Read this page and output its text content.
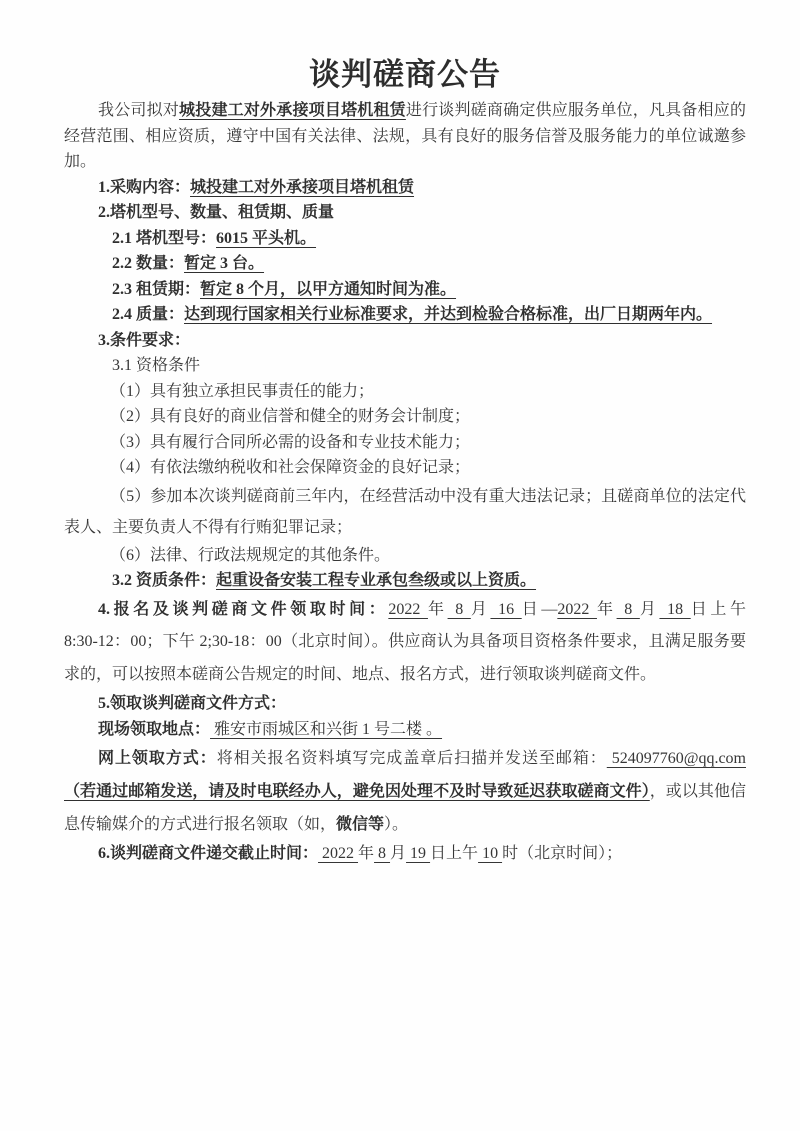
谈判磋商公告

我公司拟对城投建工对外承接项目塔机租赁进行谈判磋商确定供应服务单位，凡具备相应的经营范围、相应资质，遵守中国有关法律、法规，具有良好的服务信誉及服务能力的单位诚邀参加。

1.采购内容：城投建工对外承接项目塔机租赁

2.塔机型号、数量、租赁期、质量

2.1 塔机型号：6015 平头机。

2.2 数量：暂定 3 台。

2.3 租赁期：暂定 8 个月，以甲方通知时间为准。

2.4 质量：达到现行国家相关行业标准要求，并达到检验合格标准，出厂日期两年内。

3.条件要求：

3.1 资格条件

（1）具有独立承担民事责任的能力；

（2）具有良好的商业信誉和健全的财务会计制度；

（3）具有履行合同所必需的设备和专业技术能力；

（4）有依法缴纳税收和社会保障资金的良好记录；

（5）参加本次谈判磋商前三年内，在经营活动中没有重大违法记录；且磋商单位的法定代表人、主要负责人不得有行贿犯罪记录；

（6）法律、行政法规规定的其他条件。

3.2 资质条件：起重设备安装工程专业承包叁级或以上资质。

4.报名及谈判磋商文件领取时间：2022 年 8 月 16 日—2022 年 8 月 18 日上午 8:30-12：00；下午 2;30-18：00（北京时间）。供应商认为具备项目资格条件要求，且满足服务要求的，可以按照本磋商公告规定的时间、地点、报名方式，进行领取谈判磋商文件。

5.领取谈判磋商文件方式：

现场领取地点： 雅安市雨城区和兴街 1 号二楼 。

网上领取方式：将相关报名资料填写完成盖章后扫描并发送至邮箱： 524097760@qq.com（若通过邮箱发送，请及时电联经办人，避免因处理不及时导致延迟获取磋商文件），或以其他信息传输媒介的方式进行报名领取（如，微信等）。

6.谈判磋商文件递交截止时间： 2022 年 8 月 19 日上午 10 时（北京时间）；
